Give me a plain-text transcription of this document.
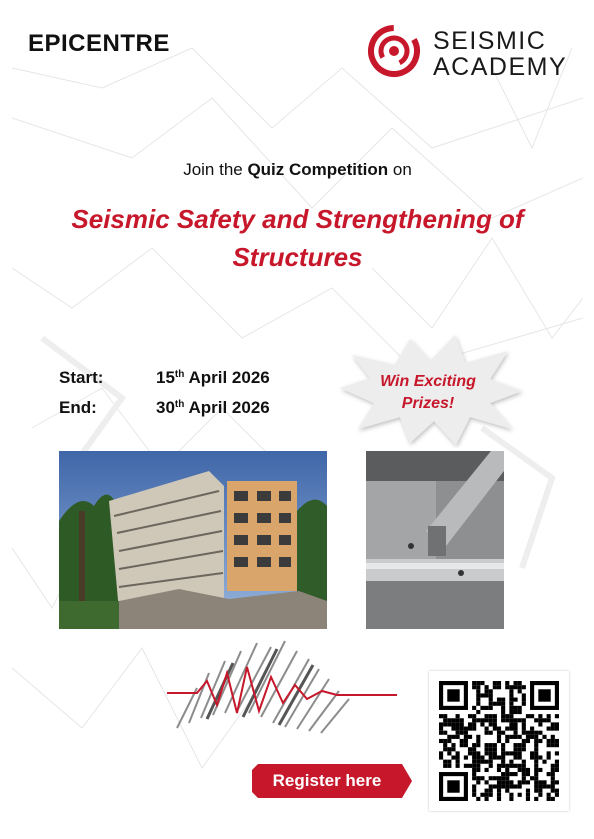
EPICENTRE	SEISMIC
ACADEMY
Join the Quiz Competition on
Seismic Safety and Strengthening of
Structures
Start:	15th April 2026
End:	30th April 2026
Win Exciting
Prizes!
Register here
